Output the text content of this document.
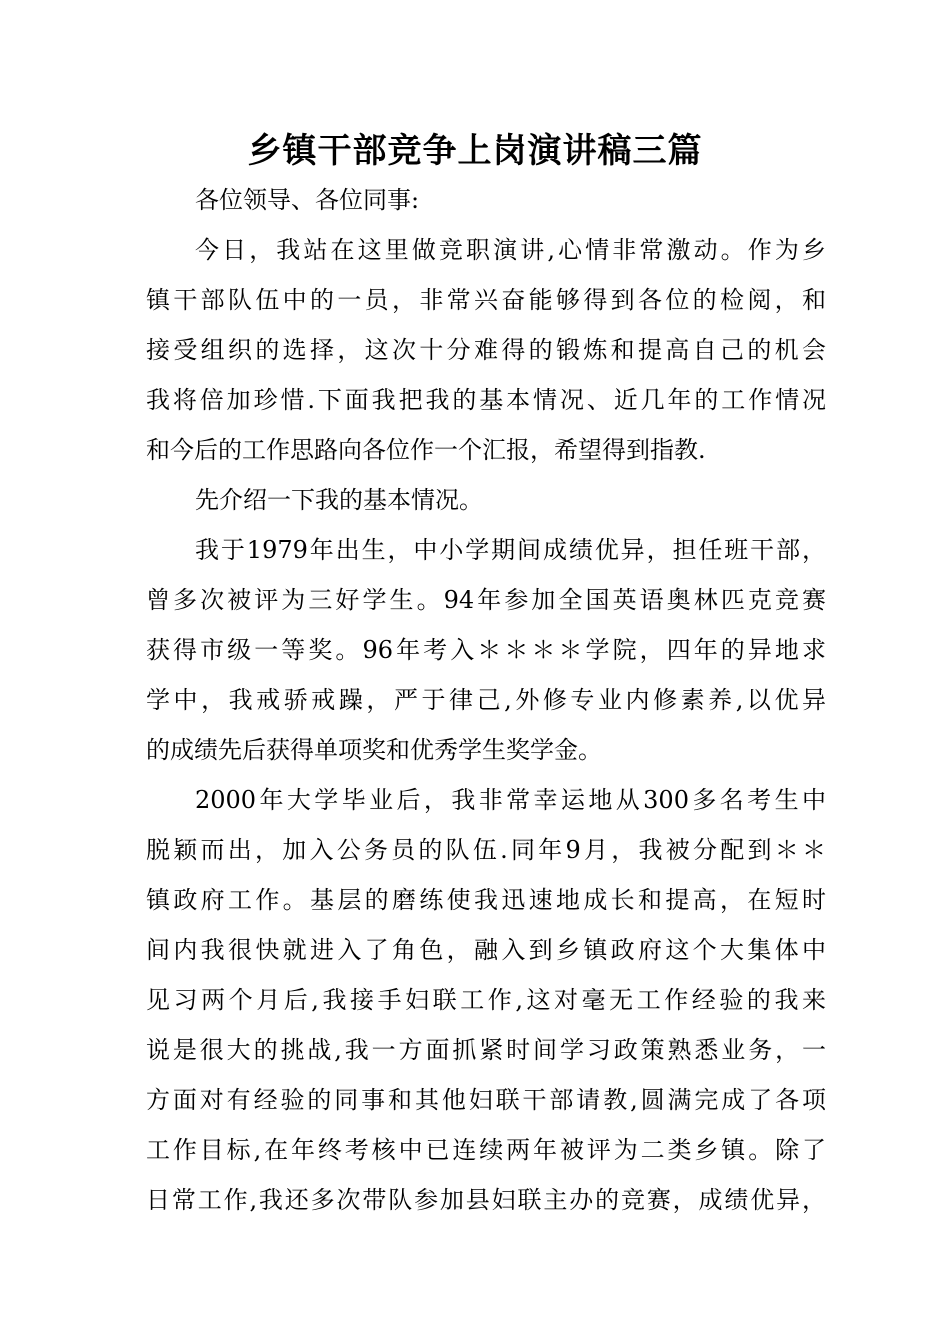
乡镇干部竞争上岗演讲稿三篇
各位领导、各位同事:
今日，我站在这里做竞职演讲,心情非常激动。作为乡
镇干部队伍中的一员，非常兴奋能够得到各位的检阅，和
接受组织的选择，这次十分难得的锻炼和提高自己的机会
我将倍加珍惜.下面我把我的基本情况、近几年的工作情况
和今后的工作思路向各位作一个汇报，希望得到指教.
先介绍一下我的基本情况。
我于1979年出生，中小学期间成绩优异，担任班干部，
曾多次被评为三好学生。94年参加全国英语奥林匹克竞赛
获得市级一等奖。96年考入＊＊＊＊学院，四年的异地求
学中，我戒骄戒躁，严于律己,外修专业内修素养,以优异
的成绩先后获得单项奖和优秀学生奖学金。
2000年大学毕业后，我非常幸运地从300多名考生中
脱颖而出，加入公务员的队伍.同年9月，我被分配到＊＊
镇政府工作。基层的磨练使我迅速地成长和提高，在短时
间内我很快就进入了角色，融入到乡镇政府这个大集体中
见习两个月后,我接手妇联工作,这对毫无工作经验的我来
说是很大的挑战,我一方面抓紧时间学习政策熟悉业务，一
方面对有经验的同事和其他妇联干部请教,圆满完成了各项
工作目标,在年终考核中已连续两年被评为二类乡镇。除了
日常工作,我还多次带队参加县妇联主办的竞赛，成绩优异，
